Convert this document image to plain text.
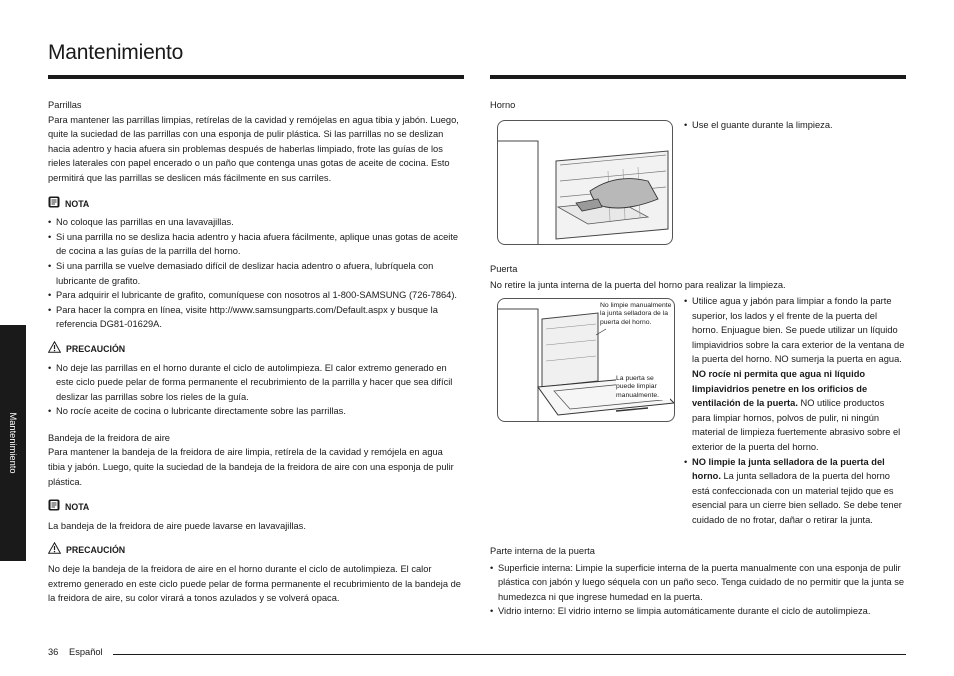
Mantenimiento
Mantenimiento

Parrillas

Para mantener las parrillas limpias, retírelas de la cavidad y remójelas en agua tibia y jabón. Luego, quite la suciedad de las parrillas con una esponja de pulir plástica. Si las parrillas no se deslizan hacia adentro y hacia afuera sin problemas después de haberlas limpiado, frote las guías de los rieles laterales con papel encerado o un paño que contenga unas gotas de aceite de cocina. Esto permitirá que las parrillas se deslicen más fácilmente en sus carriles.

NOTA
• No coloque las parrillas en una lavavajillas.
• Si una parrilla no se desliza hacia adentro y hacia afuera fácilmente, aplique unas gotas de aceite de cocina a las guías de la parrilla del horno.
• Si una parrilla se vuelve demasiado difícil de deslizar hacia adentro o afuera, lubríquela con lubricante de grafito.
• Para adquirir el lubricante de grafito, comuníquese con nosotros al 1-800-SAMSUNG (726-7864).
• Para hacer la compra en línea, visite http://www.samsungparts.com/Default.aspx y busque la referencia DG81-01629A.
PRECAUCIÓN
• No deje las parrillas en el horno durante el ciclo de autolimpieza. El calor extremo generado en este ciclo puede pelar de forma permanente el recubrimiento de la parrilla y hacer que sea difícil deslizar las parrillas sobre los rieles de la guía.
• No rocíe aceite de cocina o lubricante directamente sobre las parrillas.

Bandeja de la freidora de aire

Para mantener la bandeja de la freidora de aire limpia, retírela de la cavidad y remójela en agua tibia y jabón. Luego, quite la suciedad de la bandeja de la freidora de aire con una esponja de pulir plástica.

NOTA

La bandeja de la freidora de aire puede lavarse en lavavajillas.

PRECAUCIÓN

No deje la bandeja de la freidora de aire en el horno durante el ciclo de autolimpieza. El calor extremo generado en este ciclo puede pelar de forma permanente el recubrimiento de la bandeja de la freidora de aire, su color virará a tonos azulados y se volverá opaca.

Horno

• Use el guante durante la limpieza.

Puerta

No retire la junta interna de la puerta del horno para realizar la limpieza.

No limpie manualmente la junta selladora de la puerta del horno.
La puerta se puede limpiar manualmente.
• Utilice agua y jabón para limpiar a fondo la parte superior, los lados y el frente de la puerta del horno. Enjuague bien. Se puede utilizar un líquido limpiavidrios sobre la cara exterior de la ventana de la puerta del horno. NO sumerja la puerta en agua. NO rocíe ni permita que agua ni líquido limpiavidrios penetre en los orificios de ventilación de la puerta. NO utilice productos para limpiar hornos, polvos de pulir, ni ningún material de limpieza fuertemente abrasivo sobre el exterior de la puerta del horno.
• NO limpie la junta selladora de la puerta del horno. La junta selladora de la puerta del horno está confeccionada con un material tejido que es esencial para un cierre bien sellado. Se debe tener cuidado de no frotar, dañar o retirar la junta.

Parte interna de la puerta

• Superficie interna: Limpie la superficie interna de la puerta manualmente con una esponja de pulir plástica con jabón y luego séquela con un paño seco. Tenga cuidado de no permitir que la junta se humedezca ni que ingrese humedad en la puerta.
• Vidrio interno: El vidrio interno se limpia automáticamente durante el ciclo de autolimpieza.
36 Español
